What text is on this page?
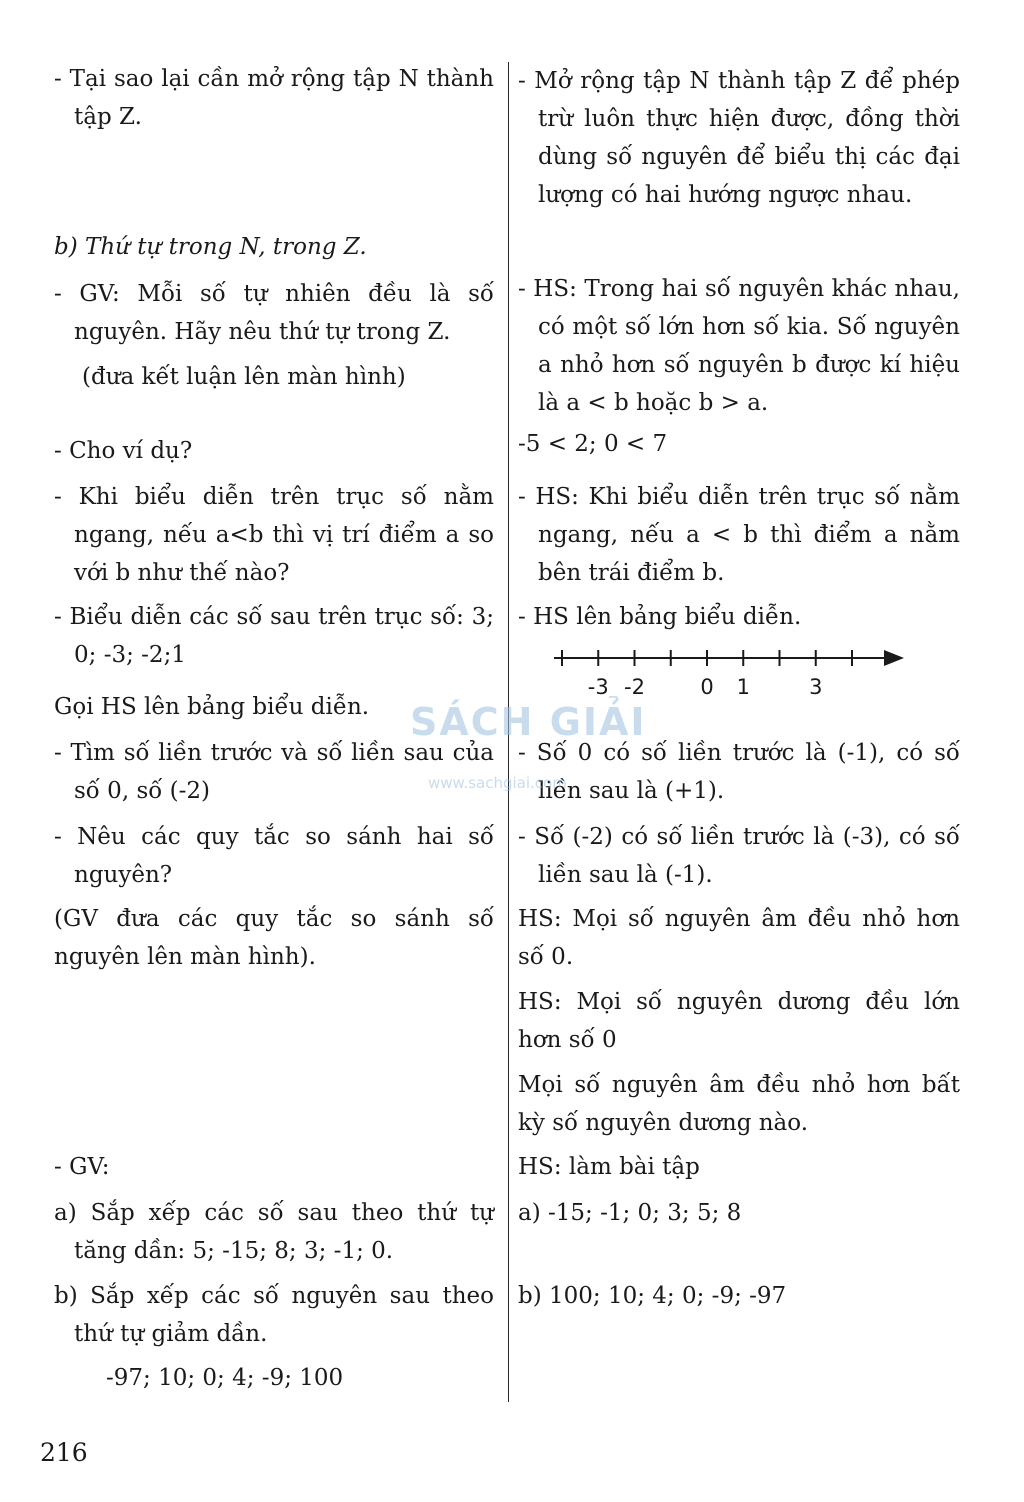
- Tại sao lại cần mở rộng tập N thành tập Z.
b) Thứ tự trong N, trong Z.
- GV: Mỗi số tự nhiên đều là số nguyên. Hãy nêu thứ tự trong Z.
(đưa kết luận lên màn hình)
- Cho ví dụ?
- Khi biểu diễn trên trục số nằm ngang, nếu a<b thì vị trí điểm a so với b như thế nào?
- Biểu diễn các số sau trên trục số: 3; 0; -3; -2;1
Gọi HS lên bảng biểu diễn.
- Tìm số liền trước và số liền sau của số 0, số (-2)
- Nêu các quy tắc so sánh hai số nguyên?
(GV đưa các quy tắc so sánh số nguyên lên màn hình).
- GV:
a) Sắp xếp các số sau theo thứ tự tăng dần: 5; -15; 8; 3; -1; 0.
b) Sắp xếp các số nguyên sau theo thứ tự giảm dần.
-97; 10; 0; 4; -9; 100
- Mở rộng tập N thành tập Z để phép trừ luôn thực hiện được, đồng thời dùng số nguyên để biểu thị các đại lượng có hai hướng ngược nhau.
- HS: Trong hai số nguyên khác nhau, có một số lớn hơn số kia. Số nguyên a nhỏ hơn số nguyên b được kí hiệu là a < b hoặc b > a.
-5 < 2; 0 < 7
- HS: Khi biểu diễn trên trục số nằm ngang, nếu a < b thì điểm a nằm bên trái điểm b.
- HS lên bảng biểu diễn.
-3 -2	0 1	3
- Số 0 có số liền trước là (-1), có số liền sau là (+1).
- Số (-2) có số liền trước là (-3), có số liền sau là (-1).
HS: Mọi số nguyên âm đều nhỏ hơn số 0.
HS: Mọi số nguyên dương đều lớn hơn số 0
Mọi số nguyên âm đều nhỏ hơn bất kỳ số nguyên dương nào.
HS: làm bài tập
a) -15; -1; 0; 3; 5; 8
b) 100; 10; 4; 0; -9; -97
SÁCH GIẢI
www.sachgiai.com
216
